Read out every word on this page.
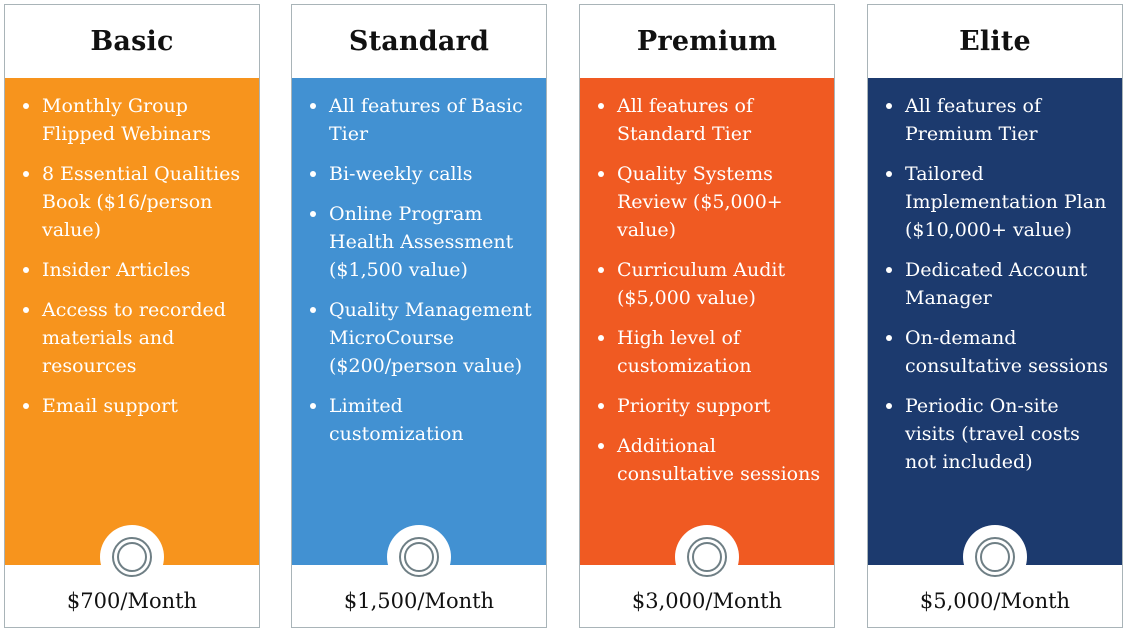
Basic
Monthly Group Flipped Webinars
8 Essential Qualities Book ($16/person value)
Insider Articles
Access to recorded materials and resources
Email support
$700/Month
Standard
All features of Basic Tier
Bi-weekly calls
Online Program Health Assessment ($1,500 value)
Quality Management MicroCourse ($200/person value)
Limited customization
$1,500/Month
Premium
All features of Standard Tier
Quality Systems Review ($5,000+ value)
Curriculum Audit ($5,000 value)
High level of customization
Priority support
Additional consultative sessions
$3,000/Month
Elite
All features of Premium Tier
Tailored Implementation Plan ($10,000+ value)
Dedicated Account Manager
On-demand consultative sessions
Periodic On-site visits (travel costs not included)
$5,000/Month
